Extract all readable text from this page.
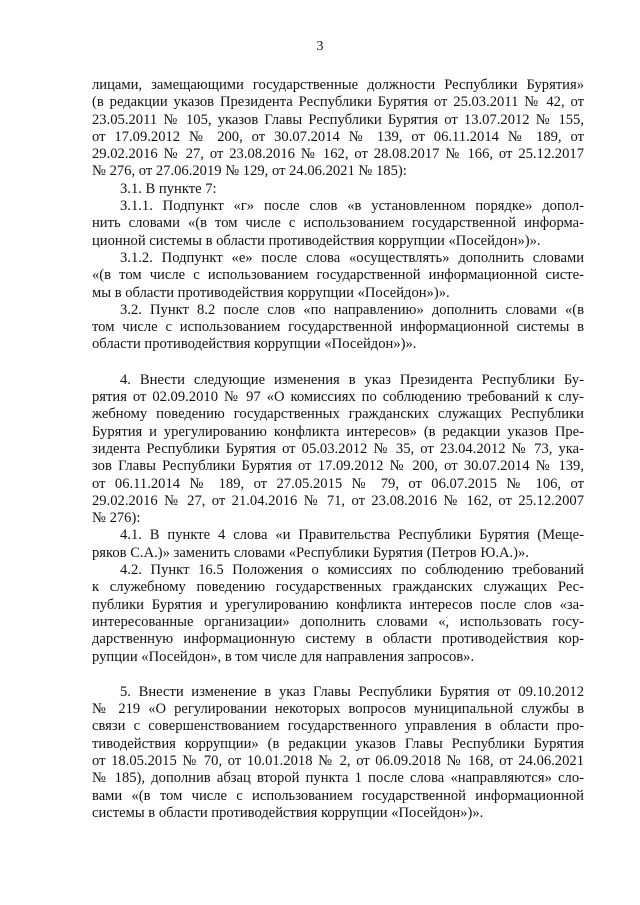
3
лицами, замещающими государственные должности Республики Бурятия»
(в редакции указов Президента Республики Бурятия от 25.03.2011 № 42, от
23.05.2011 № 105, указов Главы Республики Бурятия от 13.07.2012 № 155,
от 17.09.2012 № 200, от 30.07.2014 № 139, от 06.11.2014 № 189, от
29.02.2016 № 27, от 23.08.2016 № 162, от 28.08.2017 № 166, от 25.12.2017
№ 276, от 27.06.2019 № 129, от 24.06.2021 № 185):
3.1. В пункте 7:
3.1.1. Подпункт «г» после слов «в установленном порядке» допол-
нить словами «(в том числе с использованием государственной информа-
ционной системы в области противодействия коррупции «Посейдон»)».
3.1.2. Подпункт «е» после слова «осуществлять» дополнить словами
«(в том числе с использованием государственной информационной систе-
мы в области противодействия коррупции «Посейдон»)».
3.2. Пункт 8.2 после слов «по направлению» дополнить словами «(в
том числе с использованием государственной информационной системы в
области противодействия коррупции «Посейдон»)».
4. Внести следующие изменения в указ Президента Республики Бу-
рятия от 02.09.2010 № 97 «О комиссиях по соблюдению требований к слу-
жебному поведению государственных гражданских служащих Республики
Бурятия и урегулированию конфликта интересов» (в редакции указов Пре-
зидента Республики Бурятия от 05.03.2012 № 35, от 23.04.2012 № 73, ука-
зов Главы Республики Бурятия от 17.09.2012 № 200, от 30.07.2014 № 139,
от 06.11.2014 № 189, от 27.05.2015 № 79, от 06.07.2015 № 106, от
29.02.2016 № 27, от 21.04.2016 № 71, от 23.08.2016 № 162, от 25.12.2007
№ 276):
4.1. В пункте 4 слова «и Правительства Республики Бурятия (Меще-
ряков С.А.)» заменить словами «Республики Бурятия (Петров Ю.А.)».
4.2. Пункт 16.5 Положения о комиссиях по соблюдению требований
к служебному поведению государственных гражданских служащих Рес-
публики Бурятия и урегулированию конфликта интересов после слов «за-
интересованные организации» дополнить словами «, использовать госу-
дарственную информационную систему в области противодействия кор-
рупции «Посейдон», в том числе для направления запросов».
5. Внести изменение в указ Главы Республики Бурятия от 09.10.2012
№ 219 «О регулировании некоторых вопросов муниципальной службы в
связи с совершенствованием государственного управления в области про-
тиводействия коррупции» (в редакции указов Главы Республики Бурятия
от 18.05.2015 № 70, от 10.01.2018 № 2, от 06.09.2018 № 168, от 24.06.2021
№ 185), дополнив абзац второй пункта 1 после слова «направляются» сло-
вами «(в том числе с использованием государственной информационной
системы в области противодействия коррупции «Посейдон»)».
